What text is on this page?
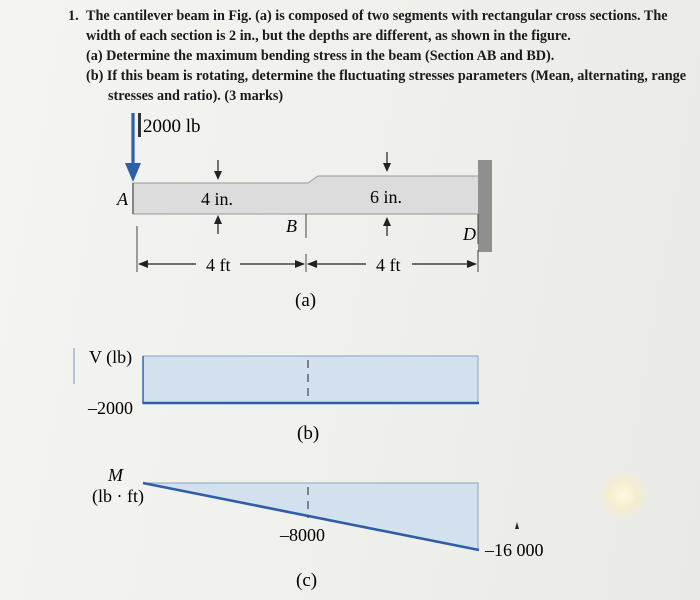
1. The cantilever beam in Fig. (a) is composed of two segments with rectangular cross sections. The
width of each section is 2 in., but the depths are different, as shown in the figure.
(a) Determine the maximum bending stress in the beam (Section AB and BD).
(b) If this beam is rotating, determine the fluctuating stresses parameters (Mean, alternating, range
stresses and ratio). (3 marks)
2000 lb
A
B	D
4 in.	6 in.
4 ft	4 ft
(a)
V (lb)
–2000
(b)
M
(lb · ft)
–8000
–16 000
(c)
